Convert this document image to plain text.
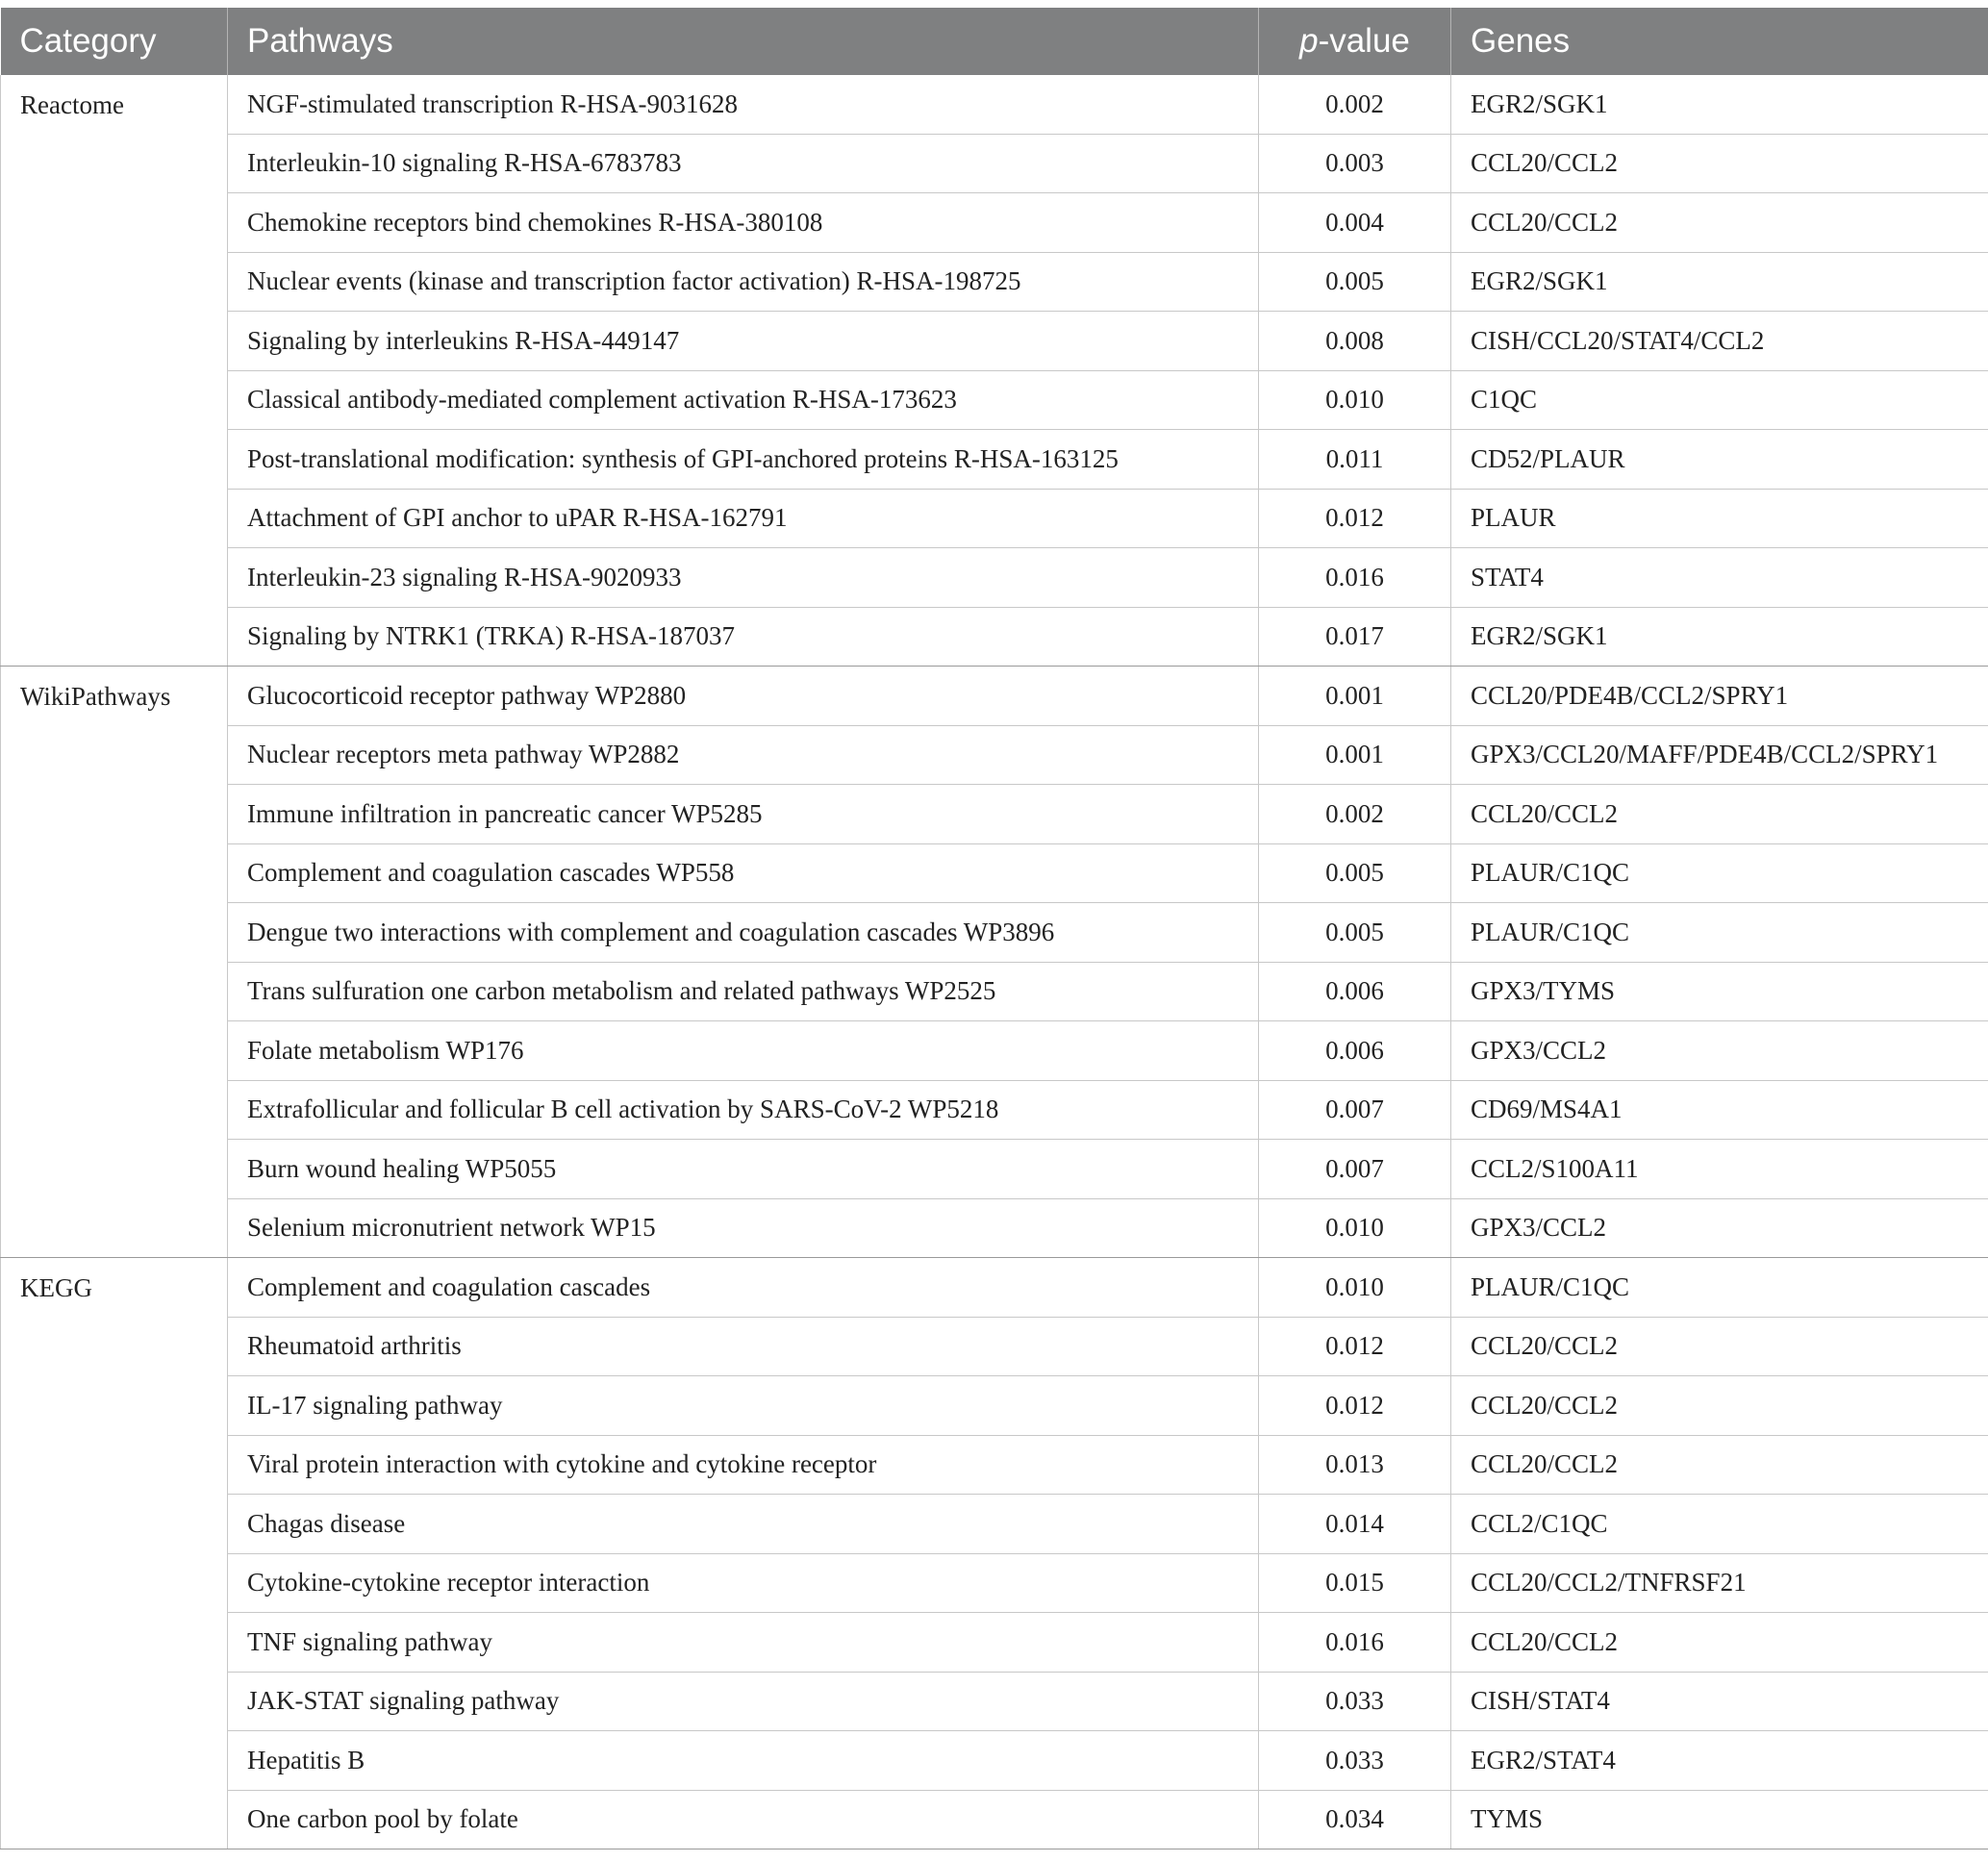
Category	Pathways	p-value	Genes
Reactome	NGF-stimulated transcription R-HSA-9031628	0.002	EGR2/SGK1
	Interleukin-10 signaling R-HSA-6783783	0.003	CCL20/CCL2
	Chemokine receptors bind chemokines R-HSA-380108	0.004	CCL20/CCL2
	Nuclear events (kinase and transcription factor activation) R-HSA-198725	0.005	EGR2/SGK1
	Signaling by interleukins R-HSA-449147	0.008	CISH/CCL20/STAT4/CCL2
	Classical antibody-mediated complement activation R-HSA-173623	0.010	C1QC
	Post-translational modification: synthesis of GPI-anchored proteins R-HSA-163125	0.011	CD52/PLAUR
	Attachment of GPI anchor to uPAR R-HSA-162791	0.012	PLAUR
	Interleukin-23 signaling R-HSA-9020933	0.016	STAT4
	Signaling by NTRK1 (TRKA) R-HSA-187037	0.017	EGR2/SGK1
WikiPathways	Glucocorticoid receptor pathway WP2880	0.001	CCL20/PDE4B/CCL2/SPRY1
	Nuclear receptors meta pathway WP2882	0.001	GPX3/CCL20/MAFF/PDE4B/CCL2/SPRY1
	Immune infiltration in pancreatic cancer WP5285	0.002	CCL20/CCL2
	Complement and coagulation cascades WP558	0.005	PLAUR/C1QC
	Dengue two interactions with complement and coagulation cascades WP3896	0.005	PLAUR/C1QC
	Trans sulfuration one carbon metabolism and related pathways WP2525	0.006	GPX3/TYMS
	Folate metabolism WP176	0.006	GPX3/CCL2
	Extrafollicular and follicular B cell activation by SARS-CoV-2 WP5218	0.007	CD69/MS4A1
	Burn wound healing WP5055	0.007	CCL2/S100A11
	Selenium micronutrient network WP15	0.010	GPX3/CCL2
KEGG	Complement and coagulation cascades	0.010	PLAUR/C1QC
	Rheumatoid arthritis	0.012	CCL20/CCL2
	IL-17 signaling pathway	0.012	CCL20/CCL2
	Viral protein interaction with cytokine and cytokine receptor	0.013	CCL20/CCL2
	Chagas disease	0.014	CCL2/C1QC
	Cytokine-cytokine receptor interaction	0.015	CCL20/CCL2/TNFRSF21
	TNF signaling pathway	0.016	CCL20/CCL2
	JAK-STAT signaling pathway	0.033	CISH/STAT4
	Hepatitis B	0.033	EGR2/STAT4
	One carbon pool by folate	0.034	TYMS
